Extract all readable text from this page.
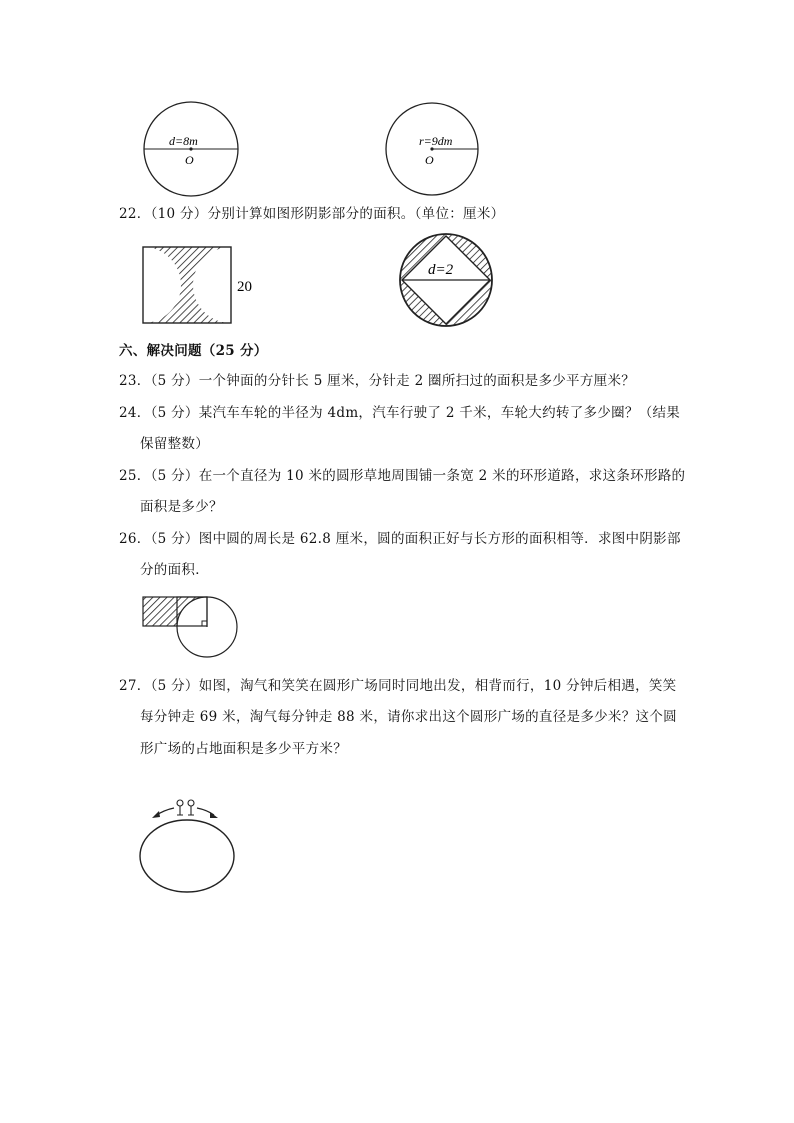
d=8m
O
r=9dm
O
20
d=2
22．（10 分）分别计算如图形阴影部分的面积。（单位：厘米）
六、解决问题（25 分）
23．（5 分）一个钟面的分针长 5 厘米，分针走 2 圈所扫过的面积是多少平方厘米？
24．（5 分）某汽车车轮的半径为 4dm，汽车行驶了 2 千米，车轮大约转了多少圈？（结果
保留整数）
25．（5 分）在一个直径为 10 米的圆形草地周围铺一条宽 2 米的环形道路，求这条环形路的
面积是多少？
26．（5 分）图中圆的周长是 62.8 厘米，圆的面积正好与长方形的面积相等．求图中阴影部
分的面积．
27．（5 分）如图，淘气和笑笑在圆形广场同时同地出发，相背而行，10 分钟后相遇，笑笑
每分钟走 69 米，淘气每分钟走 88 米，请你求出这个圆形广场的直径是多少米？这个圆
形广场的占地面积是多少平方米？
